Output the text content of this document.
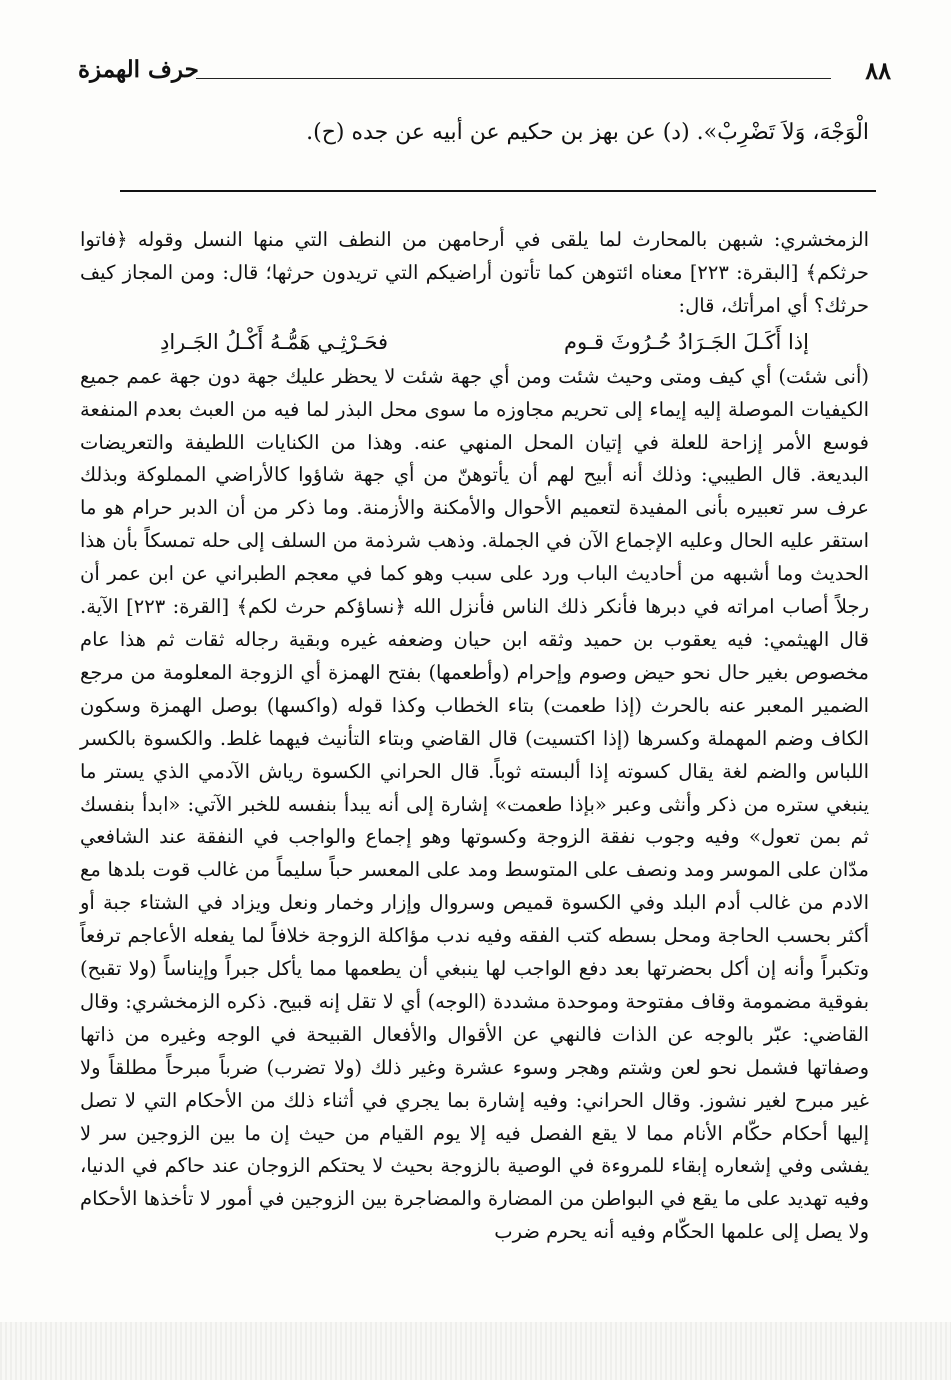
٨٨
حرف الهمزة
الْوَجْهَ، وَلاَ تَضْرِبْ». (د) عن بهز بن حكيم عن أبيه عن جده (ح).

الزمخشري: شبهن بالمحارث لما يلقى في أرحامهن من النطف التي منها النسل وقوله ﴿فاتوا حرثكم﴾ [البقرة: ٢٢٣] معناه ائتوهن كما تأتون أراضيكم التي تريدون حرثها؛ قال: ومن المجاز كيف حرثك؟ أي امرأتك، قال:

إذا أَكَـلَ الجَـرَادُ حُـرُوثَ قـوم
فحَـرْثِـي هَمُّـهُ أَكْـلُ الجَـرادِ

(أنى شئت) أي كيف ومتى وحيث شئت ومن أي جهة شئت لا يحظر عليك جهة دون جهة عمم جميع الكيفيات الموصلة إليه إيماء إلى تحريم مجاوزه ما سوى محل البذر لما فيه من العبث بعدم المنفعة فوسع الأمر إزاحة للعلة في إتيان المحل المنهي عنه. وهذا من الكنايات اللطيفة والتعريضات البديعة. قال الطيبي: وذلك أنه أبيح لهم أن يأتوهنّ من أي جهة شاؤوا كالأراضي المملوكة وبذلك عرف سر تعبيره بأنى المفيدة لتعميم الأحوال والأمكنة والأزمنة. وما ذكر من أن الدبر حرام هو ما استقر عليه الحال وعليه الإجماع الآن في الجملة. وذهب شرذمة من السلف إلى حله تمسكاً بأن هذا الحديث وما أشبهه من أحاديث الباب ورد على سبب وهو كما في معجم الطبراني عن ابن عمر أن رجلاً أصاب امراته في دبرها فأنكر ذلك الناس فأنزل الله ﴿نساؤكم حرث لكم﴾ [القرة: ٢٢٣] الآية. قال الهيثمي: فيه يعقوب بن حميد وثقه ابن حيان وضعفه غيره وبقية رجاله ثقات ثم هذا عام مخصوص بغير حال نحو حيض وصوم وإحرام (وأطعمها) بفتح الهمزة أي الزوجة المعلومة من مرجع الضمير المعبر عنه بالحرث (إذا طعمت) بتاء الخطاب وكذا قوله (واكسها) بوصل الهمزة وسكون الكاف وضم المهملة وكسرها (إذا اكتسيت) قال القاضي وبتاء التأنيث فيهما غلط. والكسوة بالكسر اللباس والضم لغة يقال كسوته إذا ألبسته ثوباً. قال الحراني الكسوة رياش الآدمي الذي يستر ما ينبغي ستره من ذكر وأنثى وعبر «بإذا طعمت» إشارة إلى أنه يبدأ بنفسه للخبر الآتي: «ابدأ بنفسك ثم بمن تعول» وفيه وجوب نفقة الزوجة وكسوتها وهو إجماع والواجب في النفقة عند الشافعي مدّان على الموسر ومد ونصف على المتوسط ومد على المعسر حباً سليماً من غالب قوت بلدها مع الادم من غالب أدم البلد وفي الكسوة قميص وسروال وإزار وخمار ونعل ويزاد في الشتاء جبة أو أكثر بحسب الحاجة ومحل بسطه كتب الفقه وفيه ندب مؤاكلة الزوجة خلافاً لما يفعله الأعاجم ترفعاً وتكبراً وأنه إن أكل بحضرتها بعد دفع الواجب لها ينبغي أن يطعمها مما يأكل جبراً وإيناساً (ولا تقبح) بفوقية مضمومة وقاف مفتوحة وموحدة مشددة (الوجه) أي لا تقل إنه قبيح. ذكره الزمخشري: وقال القاضي: عبّر بالوجه عن الذات فالنهي عن الأقوال والأفعال القبيحة في الوجه وغيره من ذاتها وصفاتها فشمل نحو لعن وشتم وهجر وسوء عشرة وغير ذلك (ولا تضرب) ضرباً مبرحاً مطلقاً ولا غير مبرح لغير نشوز. وقال الحراني: وفيه إشارة بما يجري في أثناء ذلك من الأحكام التي لا تصل إليها أحكام حكّام الأنام مما لا يقع الفصل فيه إلا يوم القيام من حيث إن ما بين الزوجين سر لا يفشى وفي إشعاره إبقاء للمروءة في الوصية بالزوجة بحيث لا يحتكم الزوجان عند حاكم في الدنيا، وفيه تهديد على ما يقع في البواطن من المضارة والمضاجرة بين الزوجين في أمور لا تأخذها الأحكام ولا يصل إلى علمها الحكّام وفيه أنه يحرم ضرب
